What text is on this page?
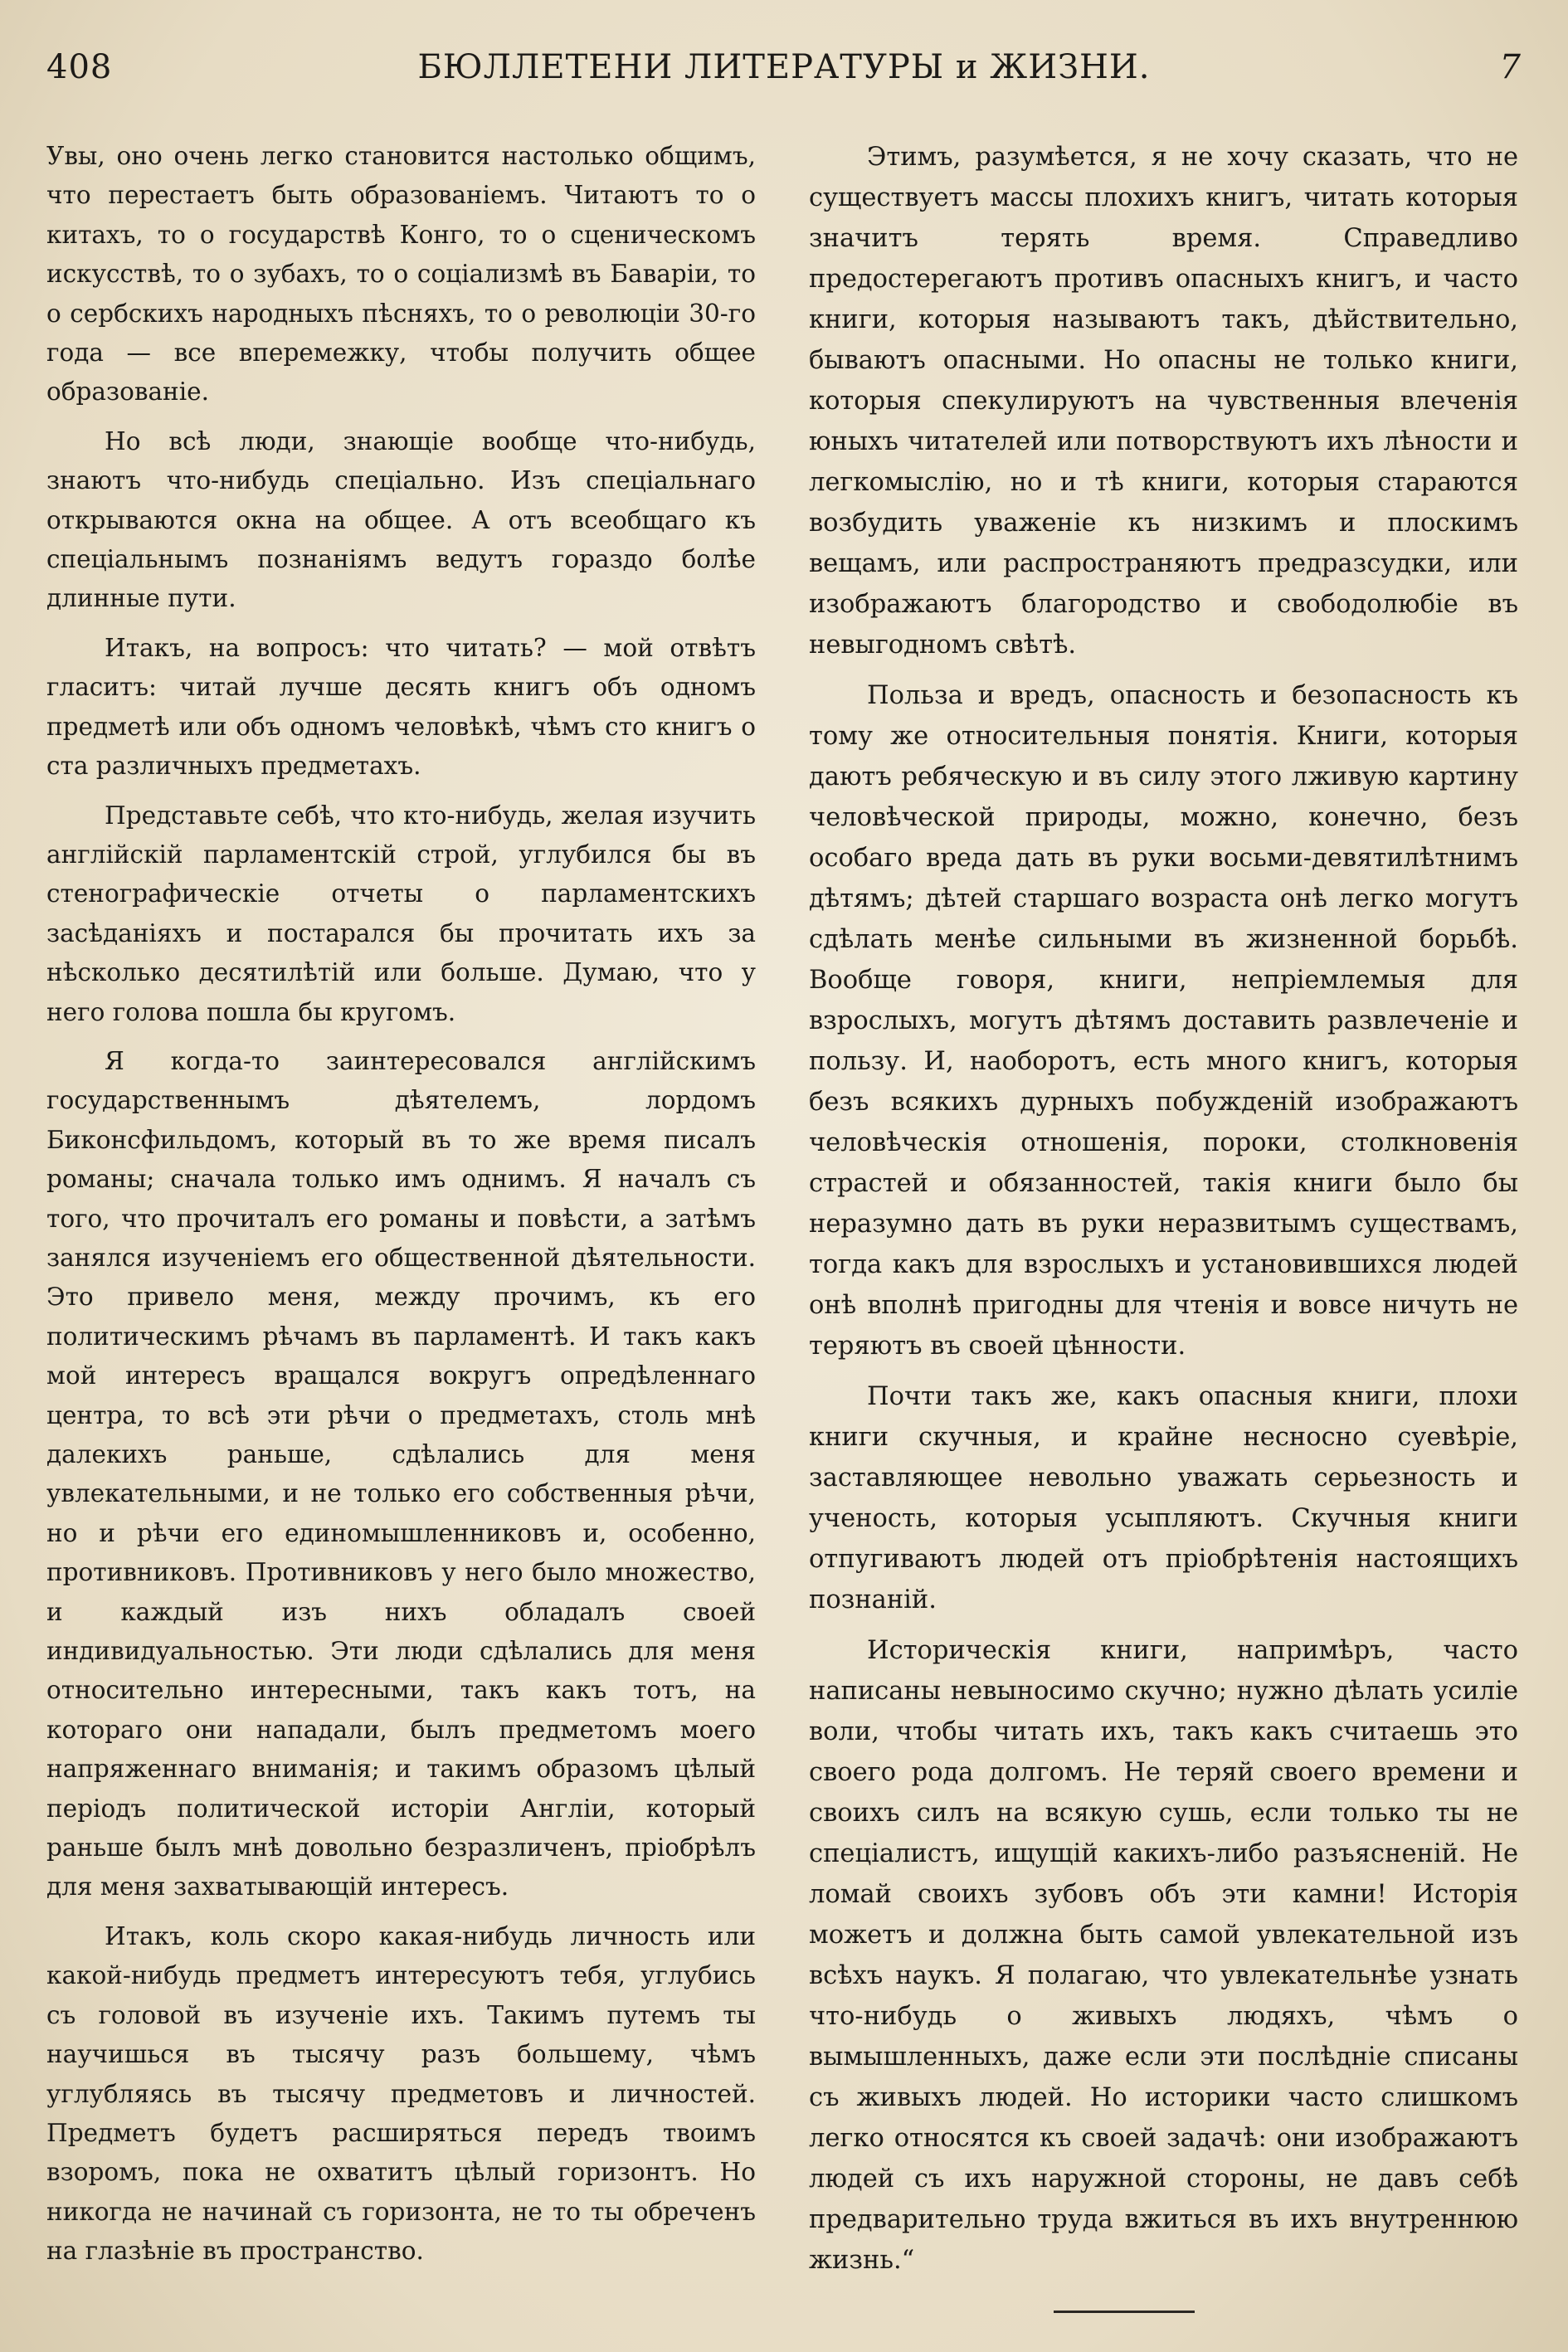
408	БЮЛЛЕТЕНИ ЛИТЕРАТУРЫ и ЖИЗНИ.	7

Увы, оно очень легко становится настолько общимъ, что перестаетъ быть образованіемъ. Читаютъ то о китахъ, то о государствѣ Конго, то о сценическомъ искусствѣ, то о зубахъ, то о соціализмѣ въ Баваріи, то о сербскихъ народныхъ пѣсняхъ, то о революціи 30-го года — все вперемежку, чтобы получить общее образованіе.

Но всѣ люди, знающіе вообще что-нибудь, знаютъ что-нибудь спеціально. Изъ спеціальнаго открываются окна на общее. А отъ всеобщаго къ спеціальнымъ познаніямъ ведутъ гораздо болѣе длинные пути.

Итакъ, на вопросъ: что читать? — мой отвѣтъ гласитъ: читай лучше десять книгъ объ одномъ предметѣ или объ одномъ человѣкѣ, чѣмъ сто книгъ о ста различныхъ предметахъ.

Представьте себѣ, что кто-нибудь, желая изучить англійскій парламентскій строй, углубился бы въ стенографическіе отчеты о парламентскихъ засѣданіяхъ и постарался бы прочитать ихъ за нѣсколько десятилѣтій или больше. Думаю, что у него голова пошла бы кругомъ.

Я когда-то заинтересовался англійскимъ государственнымъ дѣятелемъ, лордомъ Биконсфильдомъ, который въ то же время писалъ романы; сначала только имъ однимъ. Я началъ съ того, что прочиталъ его романы и повѣсти, а затѣмъ занялся изученіемъ его общественной дѣятельности. Это привело меня, между прочимъ, къ его политическимъ рѣчамъ въ парламентѣ. И такъ какъ мой интересъ вращался вокругъ опредѣленнаго центра, то всѣ эти рѣчи о предметахъ, столь мнѣ далекихъ раньше, сдѣлались для меня увлекательными, и не только его собственныя рѣчи, но и рѣчи его единомышленниковъ и, особенно, противниковъ. Противниковъ у него было множество, и каждый изъ нихъ обладалъ своей индивидуальностью. Эти люди сдѣлались для меня относительно интересными, такъ какъ тотъ, на котораго они нападали, былъ предметомъ моего напряженнаго вниманія; и такимъ образомъ цѣлый періодъ политической исторіи Англіи, который раньше былъ мнѣ довольно безразличенъ, пріобрѣлъ для меня захватывающій интересъ.

Итакъ, коль скоро какая-нибудь личность или какой-нибудь предметъ интересуютъ тебя, углубись съ головой въ изученіе ихъ. Такимъ путемъ ты научишься въ тысячу разъ большему, чѣмъ углубляясь въ тысячу предметовъ и личностей. Предметъ будетъ расширяться передъ твоимъ взоромъ, пока не охватитъ цѣлый горизонтъ. Но никогда не начинай съ горизонта, не то ты обреченъ на глазѣніе въ пространство.

Этимъ, разумѣется, я не хочу сказать, что не существуетъ массы плохихъ книгъ, читать которыя значитъ терять время. Справедливо предостерегаютъ противъ опасныхъ книгъ, и часто книги, которыя называютъ такъ, дѣйствительно, бываютъ опасными. Но опасны не только книги, которыя спекулируютъ на чувственныя влеченія юныхъ читателей или потворствуютъ ихъ лѣности и легкомыслію, но и тѣ книги, которыя стараются возбудить уваженіе къ низкимъ и плоскимъ вещамъ, или распространяютъ предразсудки, или изображаютъ благородство и свободолюбіе въ невыгодномъ свѣтѣ.

Польза и вредъ, опасность и безопасность къ тому же относительныя понятія. Книги, которыя даютъ ребяческую и въ силу этого лживую картину человѣческой природы, можно, конечно, безъ особаго вреда дать въ руки восьми-девятилѣтнимъ дѣтямъ; дѣтей старшаго возраста онѣ легко могутъ сдѣлать менѣе сильными въ жизненной борьбѣ. Вообще говоря, книги, непріемлемыя для взрослыхъ, могутъ дѣтямъ доставить развлеченіе и пользу. И, наоборотъ, есть много книгъ, которыя безъ всякихъ дурныхъ побужденій изображаютъ человѣческія отношенія, пороки, столкновенія страстей и обязанностей, такія книги было бы неразумно дать въ руки неразвитымъ существамъ, тогда какъ для взрослыхъ и установившихся людей онѣ вполнѣ пригодны для чтенія и вовсе ничуть не теряютъ въ своей цѣнности.

Почти такъ же, какъ опасныя книги, плохи книги скучныя, и крайне несносно суевѣріе, заставляющее невольно уважать серьезность и ученость, которыя усыпляютъ. Скучныя книги отпугиваютъ людей отъ пріобрѣтенія настоящихъ познаній.

Историческія книги, напримѣръ, часто написаны невыносимо скучно; нужно дѣлать усиліе воли, чтобы читать ихъ, такъ какъ считаешь это своего рода долгомъ. Не теряй своего времени и своихъ силъ на всякую сушь, если только ты не спеціалистъ, ищущій какихъ-либо разъясненій. Не ломай своихъ зубовъ объ эти камни! Исторія можетъ и должна быть самой увлекательной изъ всѣхъ наукъ. Я полагаю, что увлекательнѣе узнать что-нибудь о живыхъ людяхъ, чѣмъ о вымышленныхъ, даже если эти послѣдніе списаны съ живыхъ людей. Но историки часто слишкомъ легко относятся къ своей задачѣ: они изображаютъ людей съ ихъ наружной стороны, не давъ себѣ предварительно труда вжиться въ ихъ внутреннюю жизнь.“
